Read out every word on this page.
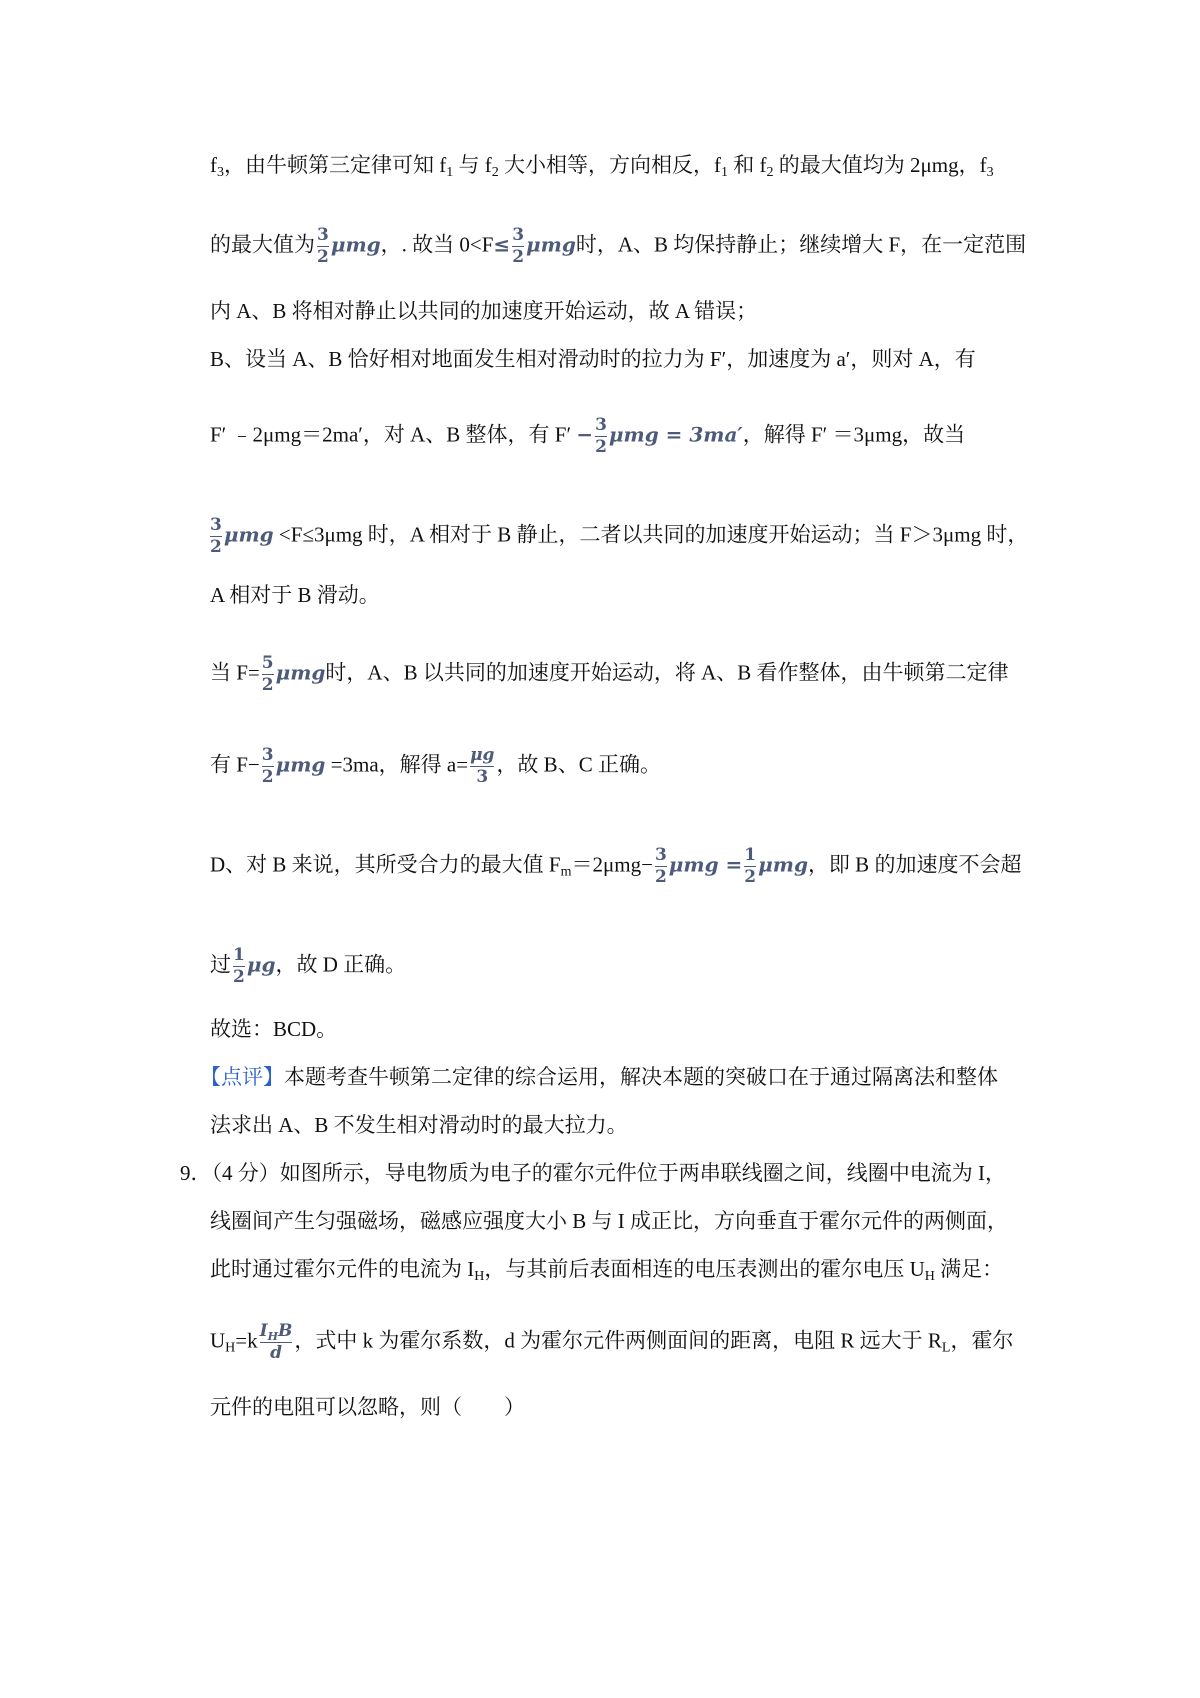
$f_3$，由牛顿第三定律可知 $f_1$ 与 $f_2$ 大小相等，方向相反，$f_1$ 和 $f_2$ 的最大值均为 2μmg，$f_3$
的最大值为 $\frac{3}{2}$ μmg，. 故当 $0<F\le \frac{3}{2}$ μmg时，A、B 均保持静止；继续增大 F，在一定范围
内 A、B 将相对静止以共同的加速度开始运动，故 A 错误；
B、设当 A、B 恰好相对地面发生相对滑动时的拉力为 F′，加速度为 a′，则对 A，有
F′ ﹣2μmg＝2ma′，对 A、B 整体，有 $F' - \frac{3}{2}$ μmg = 3ma′，解得 F′ ＝3μmg，故当
$\frac{3}{2}$ μmg <F≤3μmg 时，A 相对于 B 静止，二者以共同的加速度开始运动；当 F＞3μmg 时，
A 相对于 B 滑动。
当 $F= \frac{5}{2}$ μmg时，A、B 以共同的加速度开始运动，将 A、B 看作整体，由牛顿第二定律
有 $F- \frac{3}{2}$ μmg =3ma，解得 $a= \frac{\mu g}{3}$ ，故 B、C 正确。
D、对 B 来说，其所受合力的最大值 $F_m=2\mu mg- \frac{3}{2}$ $\mu mg = \frac{1}{2}$ μmg，即 B 的加速度不会超
过 $\frac{1}{2}$ μg，故 D 正确。
故选：BCD。
【点评】本题考查牛顿第二定律的综合运用，解决本题的突破口在于通过隔离法和整体
法求出 A、B 不发生相对滑动时的最大拉力。
9．（4 分）如图所示，导电物质为电子的霍尔元件位于两串联线圈之间，线圈中电流为 I，
线圈间产生匀强磁场，磁感应强度大小 B 与 I 成正比，方向垂直于霍尔元件的两侧面，
此时通过霍尔元件的电流为 $I_H$，与其前后表面相连的电压表测出的霍尔电压 $U_H$ 满足：
$U_H=k \frac{I_HB}{d}$ ，式中 k 为霍尔系数，d 为霍尔元件两侧面间的距离，电阻 R 远大于 $R_L$，霍尔
元件的电阻可以忽略，则（　　）
